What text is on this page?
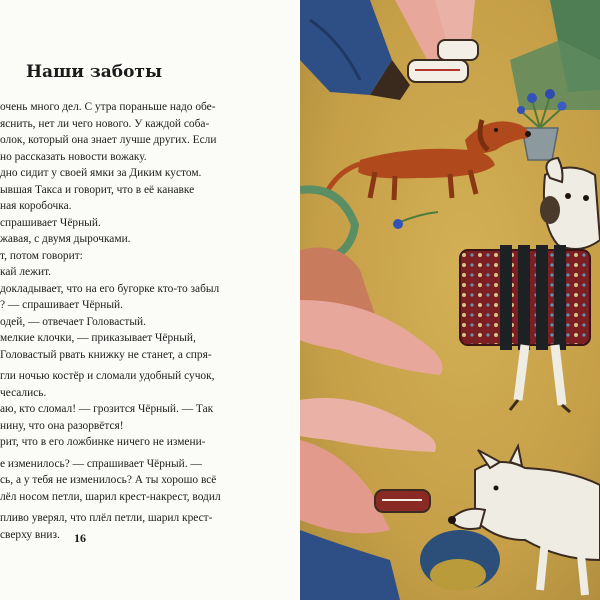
Наши заботы
очень много дел. С утра пораньше надо обе-
яснить, нет ли чего нового. У каждой соба-
олок, который она знает лучше других. Если
но рассказать новости вожаку.
дно сидит у своей ямки за Диким кустом.
ывшая Такса и говорит, что в её канавке
ная коробочка.
спрашивает Чёрный.
жавая, с двумя дырочками.
т, потом говорит:
кай лежит.
докладывает, что на его бугорке кто-то забыл
? — спрашивает Чёрный.
одей, — отвечает Головастый.
мелкие клочки, — приказывает Чёрный,
Головастый рвать книжку не станет, а спря-
гли ночью костёр и сломали удобный сучок,
чесались.
аю, кто сломал! — грозится Чёрный. — Так
нину, что она разорвётся!
рит, что в его ложбинке ничего не измени-
е изменилось? — спрашивает Чёрный. —
сь, а у тебя не изменилось? А ты хорошо всё
лёл носом петли, шарил крест-накрест, водил
пливо уверял, что плёл петли, шарил крест-
сверху вниз.	16
